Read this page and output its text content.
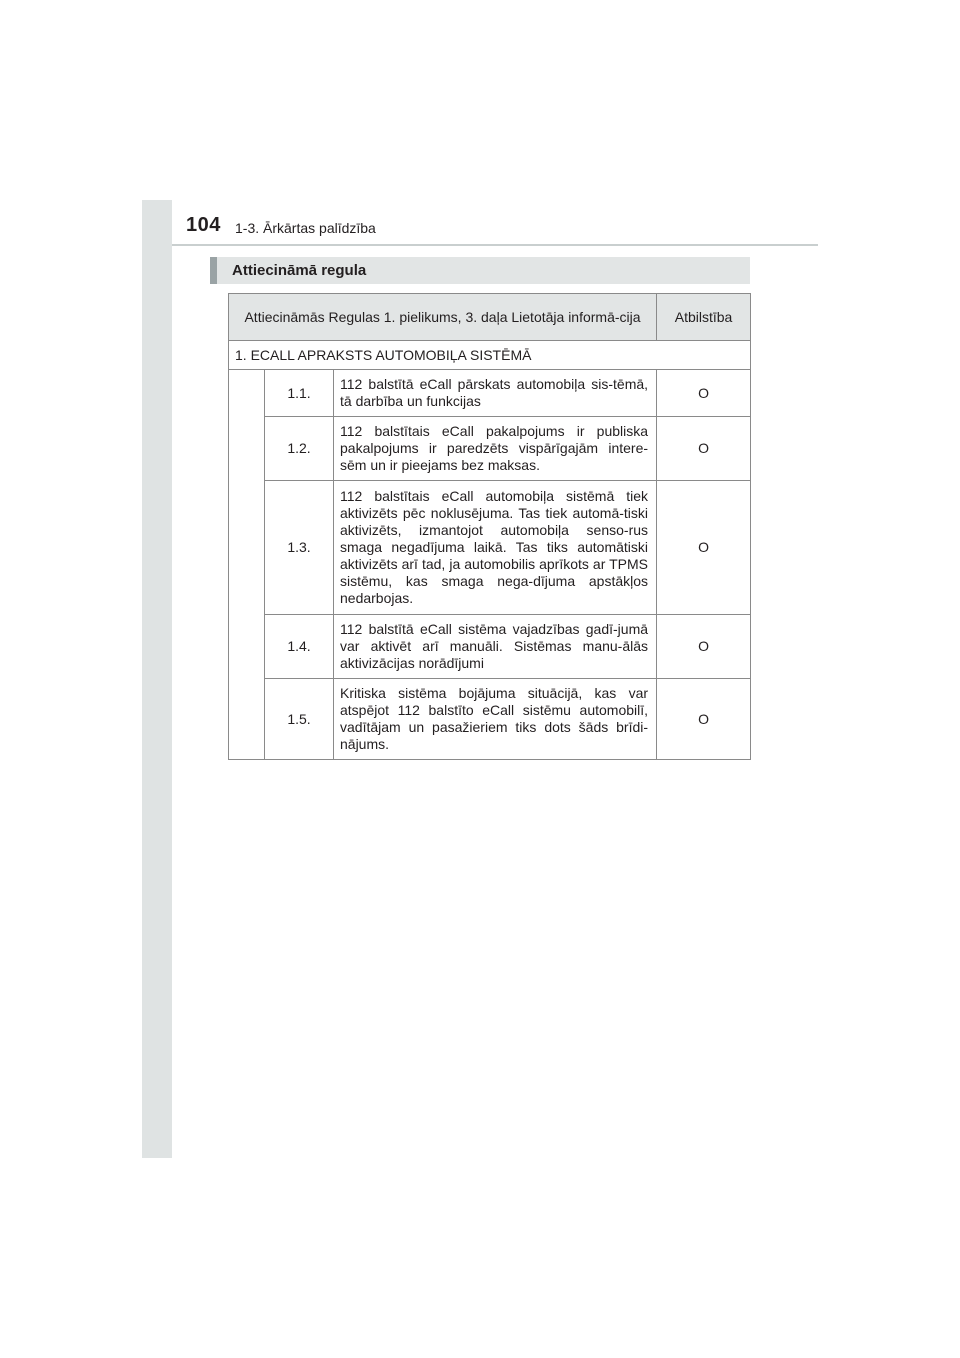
104 1-3. Ārkārtas palīdzība
Attiecināmā regula
Attiecināmās Regulas 1. pielikums, 3. daļa Lietotāja informā-cija			Atbilstība
1. ECALL APRAKSTS AUTOMOBIĻA SISTĒMĀ			
	1.1.	112 balstītā eCall pārskats automobiļa sis-tēmā, tā darbība un funkcijas	O
	1.2.	112 balstītais eCall pakalpojums ir publiska pakalpojums ir paredzēts vispārīgajām intere-sēm un ir pieejams bez maksas.	O
	1.3.	112 balstītais eCall automobiļa sistēmā tiek aktivizēts pēc noklusējuma. Tas tiek automā-tiski aktivizēts, izmantojot automobiļa senso-rus smaga negadījuma laikā. Tas tiks automātiski aktivizēts arī tad, ja automobilis aprīkots ar TPMS sistēmu, kas smaga nega-dījuma apstākļos nedarbojas.	O
	1.4.	112 balstītā eCall sistēma vajadzības gadī-jumā var aktivēt arī manuāli. Sistēmas manu-ālās aktivizācijas norādījumi	O
	1.5.	Kritiska sistēma bojājuma situācijā, kas var atspējot 112 balstīto eCall sistēmu automobilī, vadītājam un pasažieriem tiks dots šāds brīdi-nājums.	O
